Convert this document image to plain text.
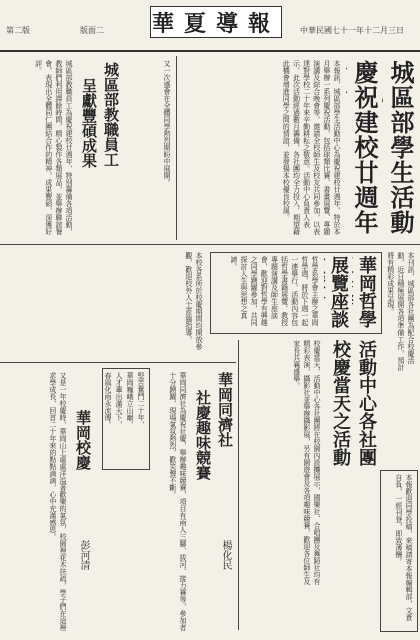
第二版	版面二 華夏導報	中華民國七十一年十二月三日
城區部學生活動
慶祝建校廿週年
本報訊，城區部學生活動中心為慶祝建校廿週年，特於本月舉辦一系列慶祝活動，包括球類比賽、書畫展覽、專題演講及綜合晚會等，邀請全校師生及校友共同參加，以表達對學校二十年來辛勤耕耘之敬意。活動中心負責人表示，此次活動經過數月籌備，各社團均全力投入，期望藉此機會增進同學之間的情誼，並發揚本校優良校風。
又一次盛會在全體同學熱烈期盼中展開。
城區部教職員工
呈獻豐碩成果
城區部教職員工為慶祝建校廿週年，特別籌備各項活動，教師們利用課餘時間，精心製作各類展品，並舉辦聯誼餐會，表現出全體同仁團結合作的精神，成果豐碩，深獲好評。
華岡哲學
展覽座談
哲學系學會主辦之華岡哲學週，將於下週一起一連舉行，活動內容包括哲學書籍展覽、教授專題演講及師生座談會，歡迎對哲學有興趣之同學踴躍參加，共同探討人生與思想之真諦。
本校各系所於校慶期間均開放參觀，歡迎校外人士蒞臨指導。	本刊訊，城區部各社團為配合校慶活動，近日積極展開各項準備工作，預計將有精彩成果呈現。
活動中心各社團
校慶當天之活動
校慶當天，活動中心各社團將在校園內設攤展示，國樂社、合唱團及舞蹈社均有精彩表演，攝影社並舉辦攝影展，另有園遊會及各項趣味競賽，歡迎各位師生及家長共襄盛舉。
華岡同濟社
社慶趣味競賽
華岡同濟社為慶祝社慶，舉辦趣味競賽，項目有兩人三腳、拔河、接力賽等，參加者十分踴躍，現場氣氛熱烈，歡笑聲不斷。
楊化民
堅苦奮鬥二十年，
華岡巍峨立山巔，
人才輩出滿天下，
春風化雨永流傳。
華岡校慶
彭河清
又是一年校慶時，華岡山上處處洋溢著歡樂的氣氛，校園裡花木扶疏，學子們在這裡求學成長，回首二十年來的點點滴滴，心中充滿感恩。
本報歡迎同學投稿，來稿請寄本報編輯部，文責自負，一經刊登，即致薄酬。
